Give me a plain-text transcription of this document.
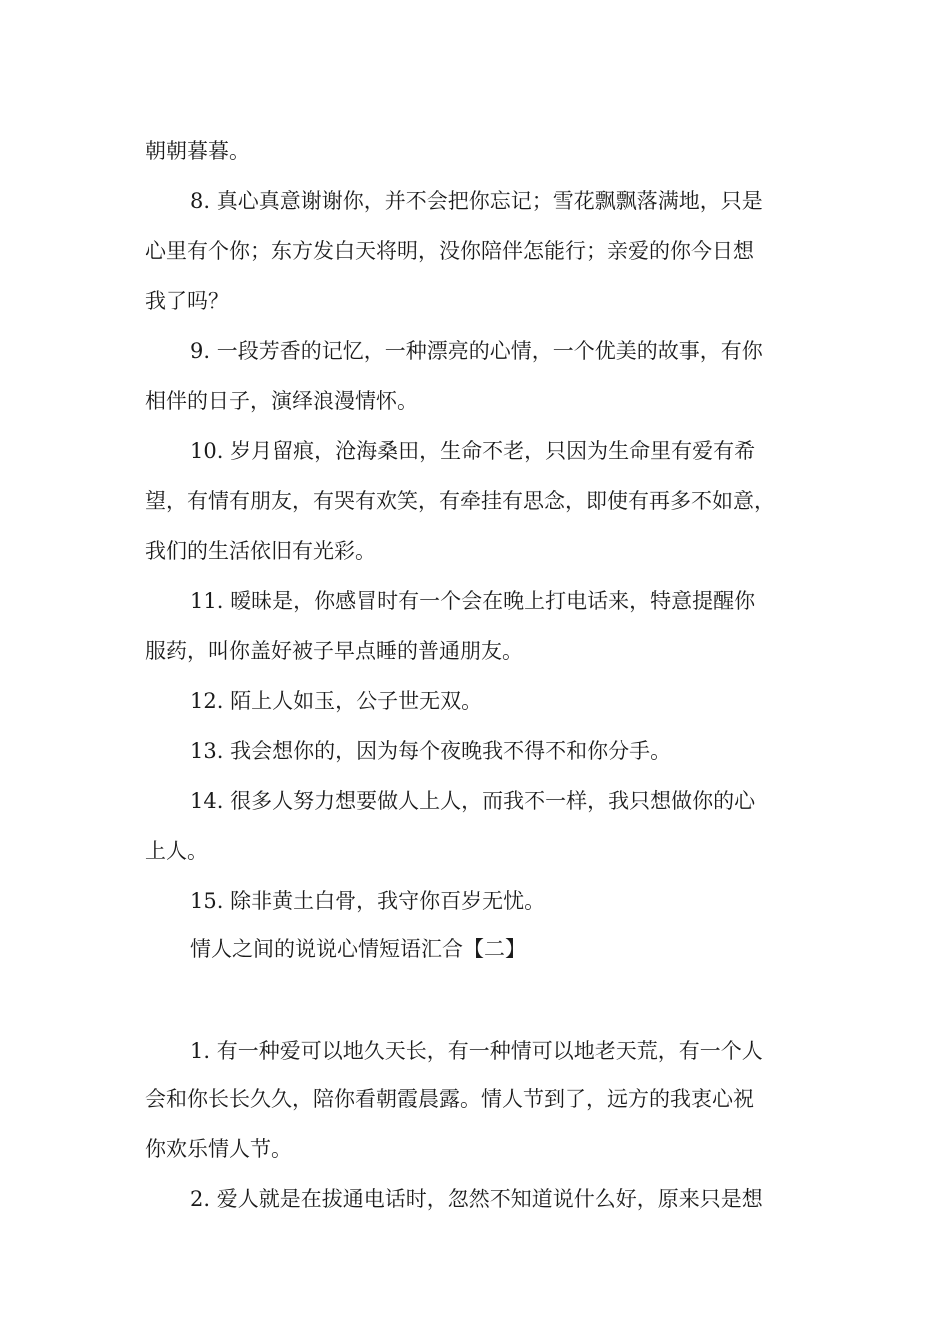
朝朝暮暮。
8. 真心真意谢谢你，并不会把你忘记；雪花飘飘落满地，只是
心里有个你；东方发白天将明，没你陪伴怎能行；亲爱的你今日想
我了吗？
9. 一段芳香的记忆，一种漂亮的心情，一个优美的故事，有你
相伴的日子，演绎浪漫情怀。
10. 岁月留痕，沧海桑田，生命不老，只因为生命里有爱有希
望，有情有朋友，有哭有欢笑，有牵挂有思念，即使有再多不如意，
我们的生活依旧有光彩。
11. 暧昧是，你感冒时有一个会在晚上打电话来，特意提醒你
服药，叫你盖好被子早点睡的普通朋友。
12. 陌上人如玉，公子世无双。
13. 我会想你的，因为每个夜晚我不得不和你分手。
14. 很多人努力想要做人上人，而我不一样，我只想做你的心
上人。
15. 除非黄土白骨，我守你百岁无忧。
情人之间的说说心情短语汇合【二】
1. 有一种爱可以地久天长，有一种情可以地老天荒，有一个人
会和你长长久久，陪你看朝霞晨露。情人节到了，远方的我衷心祝
你欢乐情人节。
2. 爱人就是在拔通电话时，忽然不知道说什么好，原来只是想
